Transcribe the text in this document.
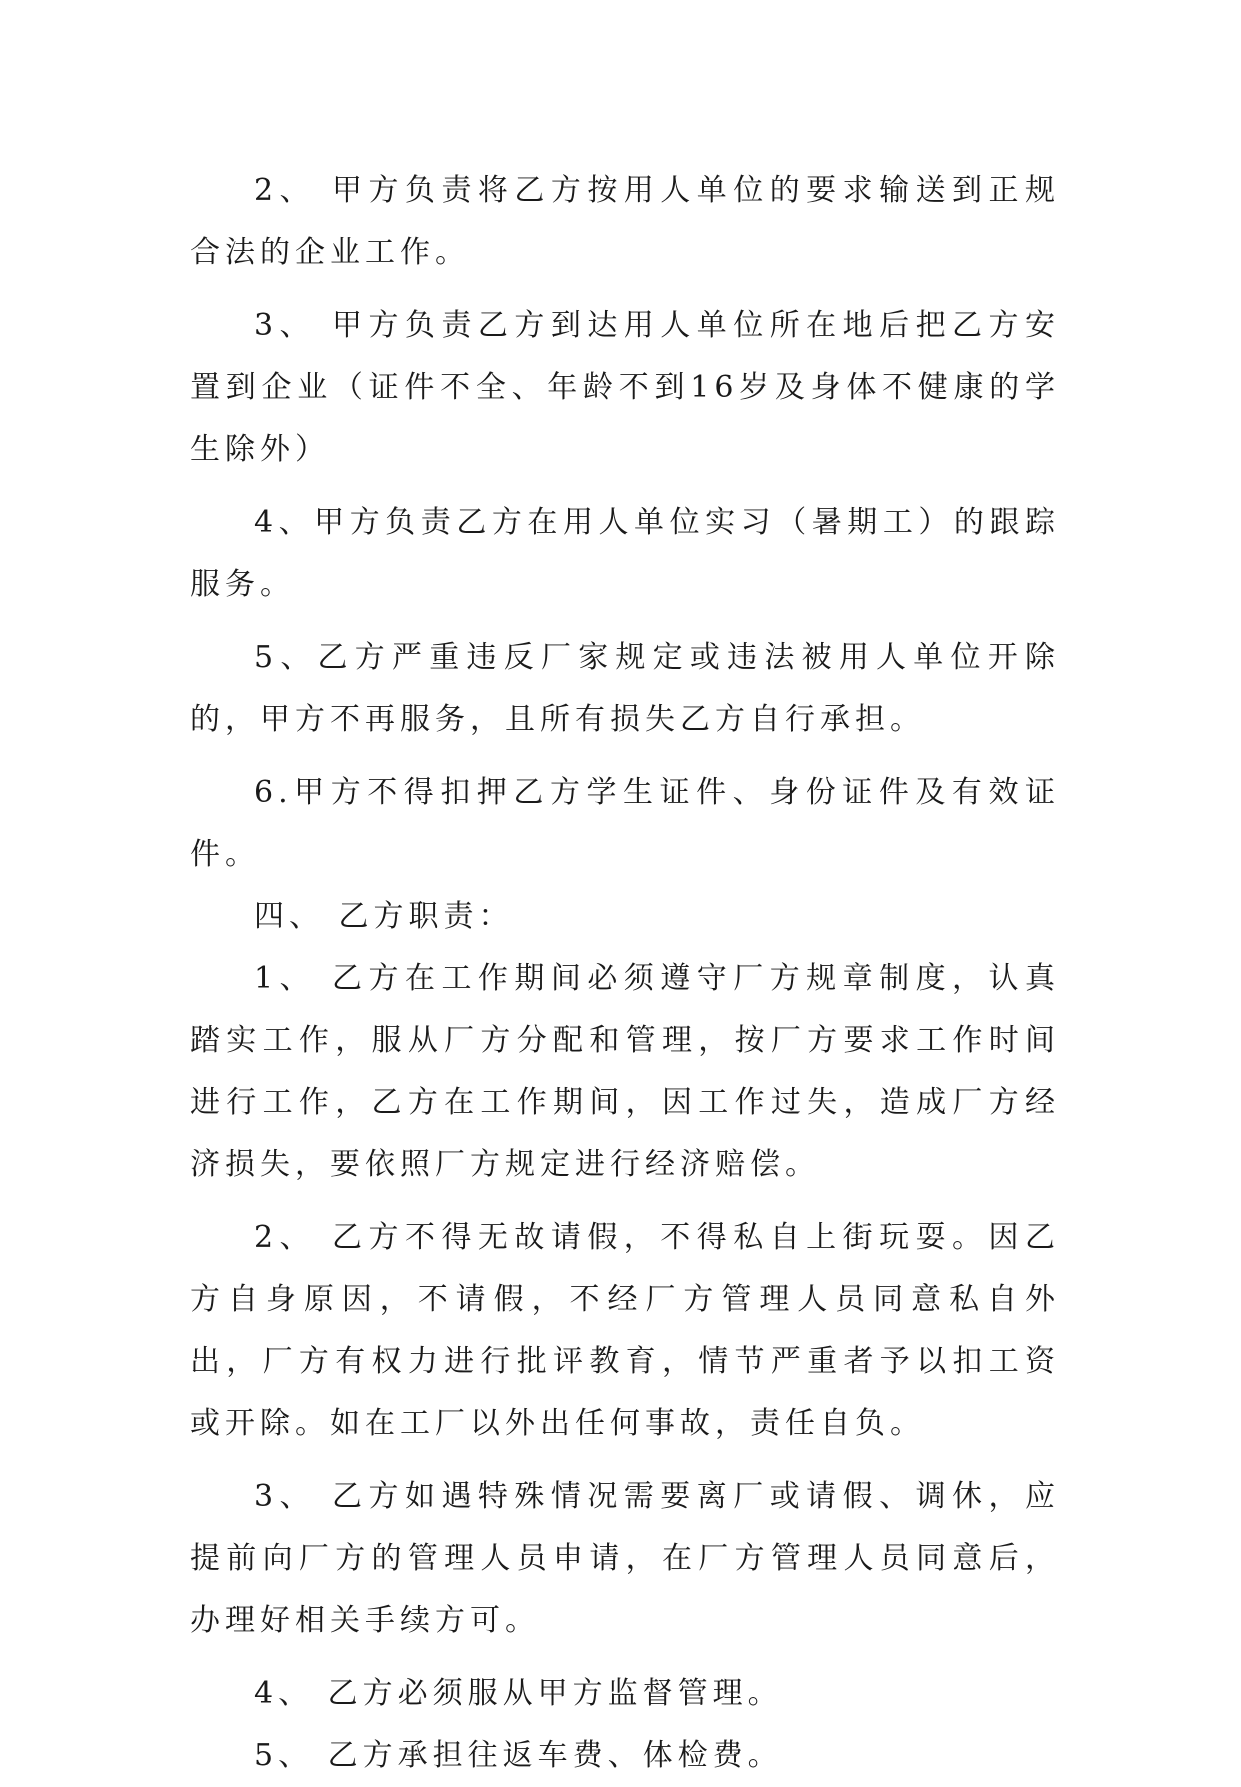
2、 甲方负责将乙方按用人单位的要求输送到正规合法的企业工作。

3、 甲方负责乙方到达用人单位所在地后把乙方安置到企业（证件不全、年龄不到16岁及身体不健康的学生除外）

4、甲方负责乙方在用人单位实习（暑期工）的跟踪服务。

5、乙方严重违反厂家规定或违法被用人单位开除的，甲方不再服务，且所有损失乙方自行承担。

6.甲方不得扣押乙方学生证件、身份证件及有效证件。

四、 乙方职责：

1、 乙方在工作期间必须遵守厂方规章制度，认真踏实工作，服从厂方分配和管理，按厂方要求工作时间进行工作，乙方在工作期间，因工作过失，造成厂方经济损失，要依照厂方规定进行经济赔偿。

2、 乙方不得无故请假，不得私自上街玩耍。因乙方自身原因，不请假，不经厂方管理人员同意私自外出，厂方有权力进行批评教育，情节严重者予以扣工资或开除。如在工厂以外出任何事故，责任自负。

3、 乙方如遇特殊情况需要离厂或请假、调休，应提前向厂方的管理人员申请，在厂方管理人员同意后，办理好相关手续方可。

4、 乙方必须服从甲方监督管理。

5、 乙方承担往返车费、体检费。
